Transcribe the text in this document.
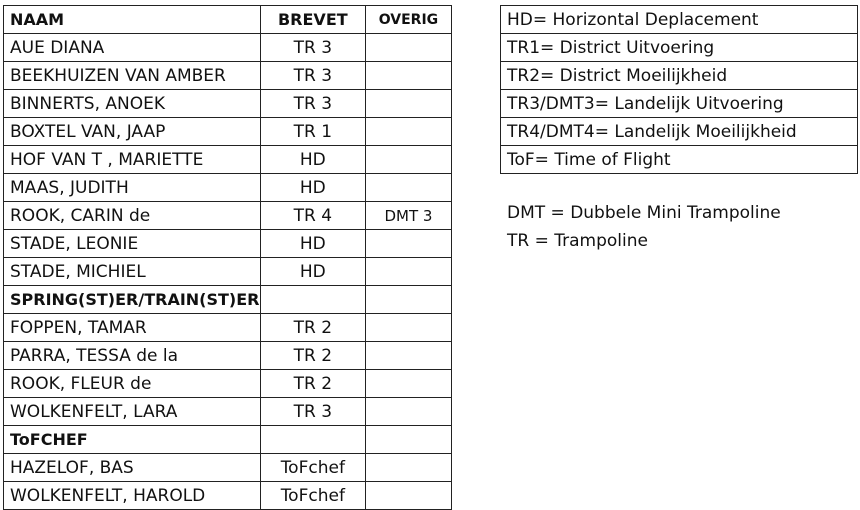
NAAM	BREVET	OVERIG
AUE DIANA	TR 3	
BEEKHUIZEN VAN AMBER	TR 3	
BINNERTS, ANOEK	TR 3	
BOXTEL VAN, JAAP	TR 1	
HOF VAN T , MARIETTE	HD	
MAAS, JUDITH	HD	
ROOK, CARIN de	TR 4	DMT 3
STADE, LEONIE	HD	
STADE, MICHIEL	HD	
SPRING(ST)ER/TRAIN(ST)ER		
FOPPEN, TAMAR	TR 2	
PARRA, TESSA de la	TR 2	
ROOK, FLEUR de	TR 2	
WOLKENFELT, LARA	TR 3	
ToFCHEF		
HAZELOF, BAS	ToFchef	
WOLKENFELT, HAROLD	ToFchef	
HD= Horizontal Deplacement
TR1= District Uitvoering
TR2= District Moeilijkheid
TR3/DMT3= Landelijk Uitvoering
TR4/DMT4= Landelijk Moeilijkheid
ToF= Time of Flight
DMT = Dubbele Mini Trampoline
TR = Trampoline
